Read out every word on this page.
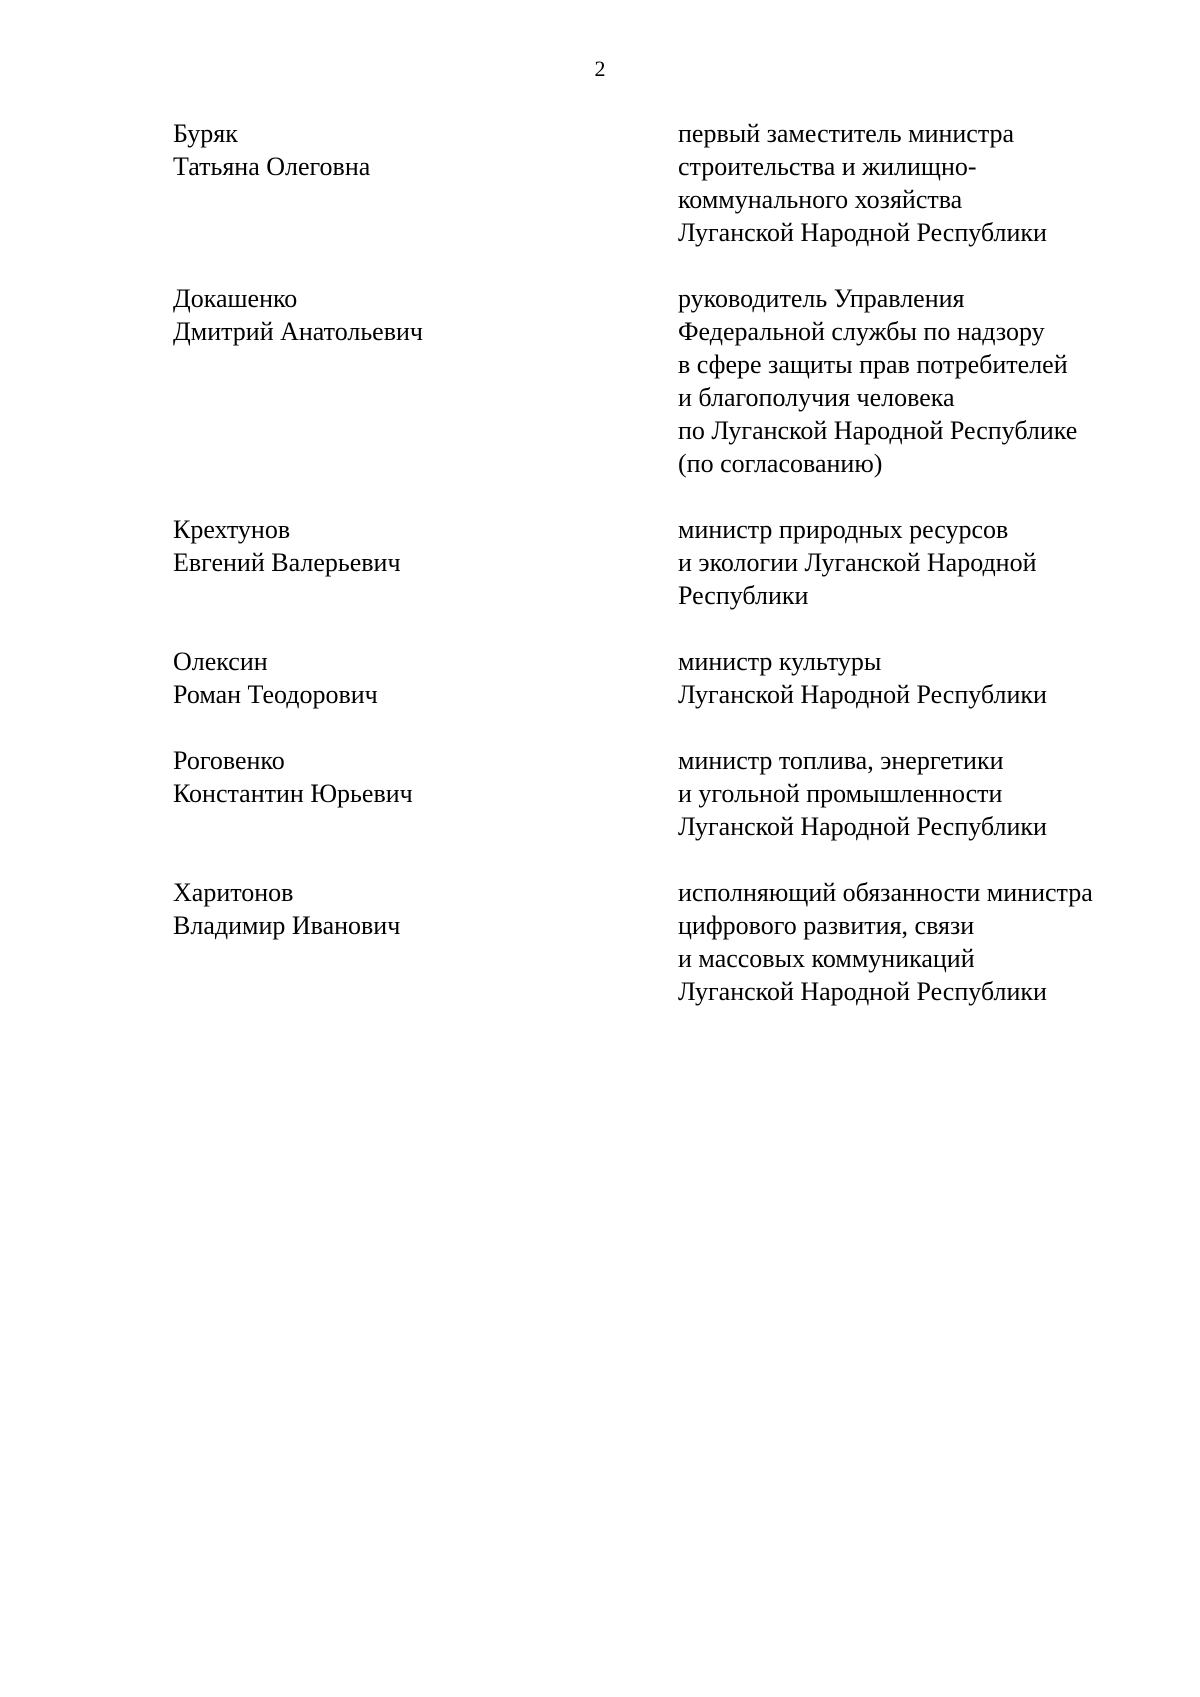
2
Буряк
Татьяна Олеговна
первый заместитель министра
строительства и жилищно-
коммунального хозяйства
Луганской Народной Республики
Докашенко
Дмитрий Анатольевич
руководитель Управления
Федеральной службы по надзору
в сфере защиты прав потребителей
и благополучия человека
по Луганской Народной Республике
(по согласованию)
Крехтунов
Евгений Валерьевич
министр природных ресурсов
и экологии Луганской Народной
Республики
Олексин
Роман Теодорович
министр культуры
Луганской Народной Республики
Роговенко
Константин Юрьевич
министр топлива, энергетики
и угольной промышленности
Луганской Народной Республики
Харитонов
Владимир Иванович
исполняющий обязанности министра
цифрового развития, связи
и массовых коммуникаций
Луганской Народной Республики
